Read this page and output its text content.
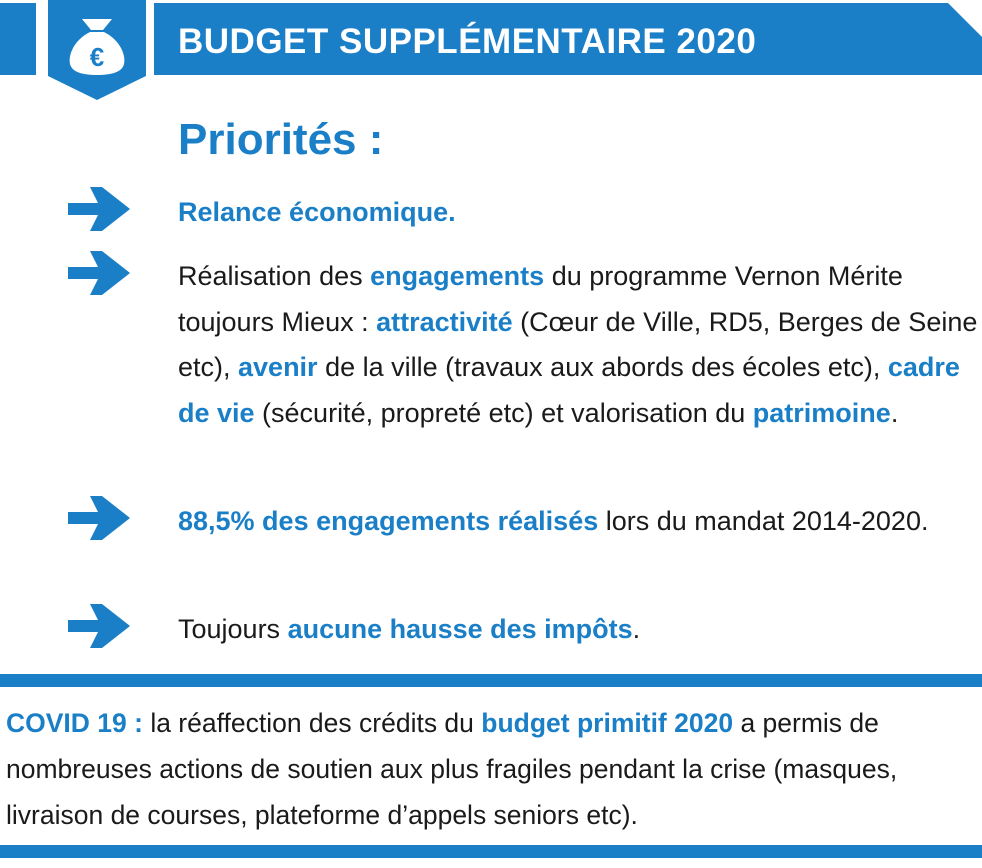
€ BUDGET SUPPLÉMENTAIRE 2020
Priorités :
Relance économique.
Réalisation des engagements du programme Vernon Mérite toujours Mieux : attractivité (Cœur de Ville, RD5, Berges de Seine etc), avenir de la ville (travaux aux abords des écoles etc), cadre de vie (sécurité, propreté etc) et valorisation du patrimoine.
88,5% des engagements réalisés lors du mandat 2014-2020.
Toujours aucune hausse des impôts.
COVID 19 : la réaffection des crédits du budget primitif 2020 a permis de nombreuses actions de soutien aux plus fragiles pendant la crise (masques, livraison de courses, plateforme d’appels seniors etc).
